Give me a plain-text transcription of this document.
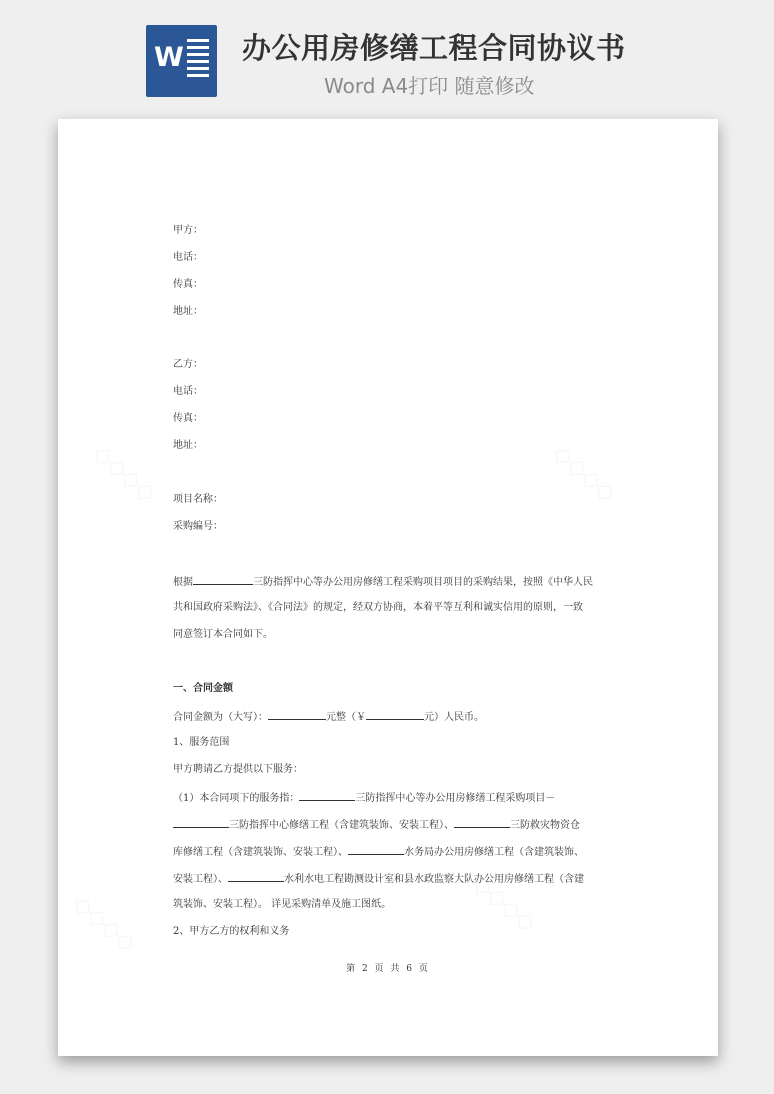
W 办公用房修缮工程合同协议书
Word A4打印 随意修改
甲方：
电话：
传真：
地址：
乙方：
电话：
传真：
地址：
项目名称：
采购编号：
根据	三防指挥中心等办公用房修缮工程采购项目项目的采购结果，按照《中华人民
共和国政府采购法》、《合同法》的规定，经双方协商，本着平等互利和诚实信用的原则，一致
同意签订本合同如下。
一、合同金额
合同金额为（大写）：	元整（￥	元）人民币。
1、服务范围
甲方聘请乙方提供以下服务：
（1）本合同项下的服务指：	三防指挥中心等办公用房修缮工程采购项目－
三防指挥中心修缮工程（含建筑装饰、安装工程）、	三防救灾物资仓
库修缮工程（含建筑装饰、安装工程）、	水务局办公用房修缮工程（含建筑装饰、
安装工程）、	水利水电工程勘测设计室和县水政监察大队办公用房修缮工程（含建
筑装饰、安装工程）。 详见采购清单及施工图纸。
2、甲方乙方的权利和义务
第 2 页 共 6 页
